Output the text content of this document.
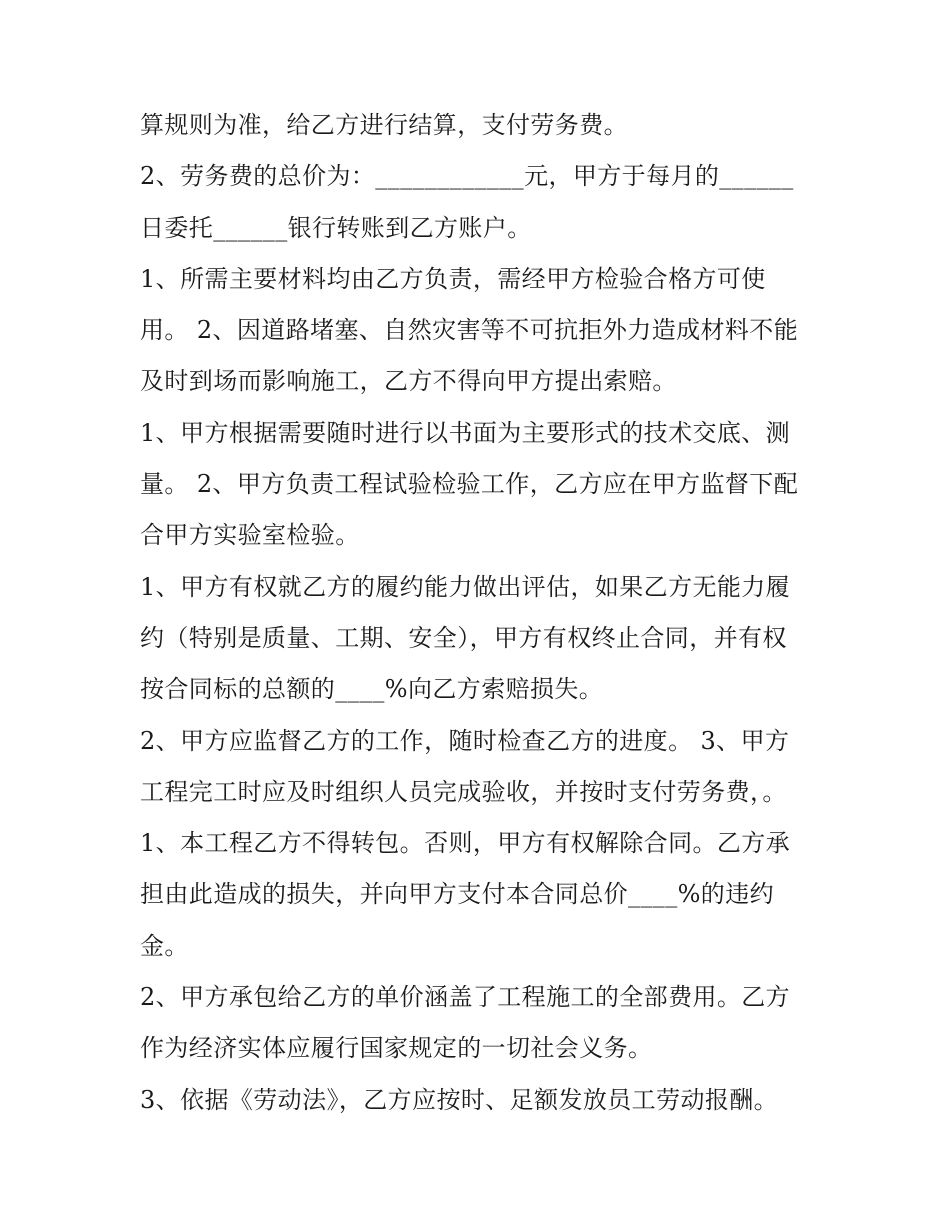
算规则为准，给乙方进行结算，支付劳务费。
2、劳务费的总价为：____________元，甲方于每月的______
日委托______银行转账到乙方账户。
1、所需主要材料均由乙方负责，需经甲方检验合格方可使
用。 2、因道路堵塞、自然灾害等不可抗拒外力造成材料不能
及时到场而影响施工，乙方不得向甲方提出索赔。
1、甲方根据需要随时进行以书面为主要形式的技术交底、测
量。 2、甲方负责工程试验检验工作，乙方应在甲方监督下配
合甲方实验室检验。
1、甲方有权就乙方的履约能力做出评估，如果乙方无能力履
约（特别是质量、工期、安全），甲方有权终止合同，并有权
按合同标的总额的____%向乙方索赔损失。
2、甲方应监督乙方的工作，随时检查乙方的进度。 3、甲方
工程完工时应及时组织人员完成验收，并按时支付劳务费，。
1、本工程乙方不得转包。否则，甲方有权解除合同。乙方承
担由此造成的损失，并向甲方支付本合同总价____%的违约
金。
2、甲方承包给乙方的单价涵盖了工程施工的全部费用。乙方
作为经济实体应履行国家规定的一切社会义务。
3、依据《劳动法》，乙方应按时、足额发放员工劳动报酬。
